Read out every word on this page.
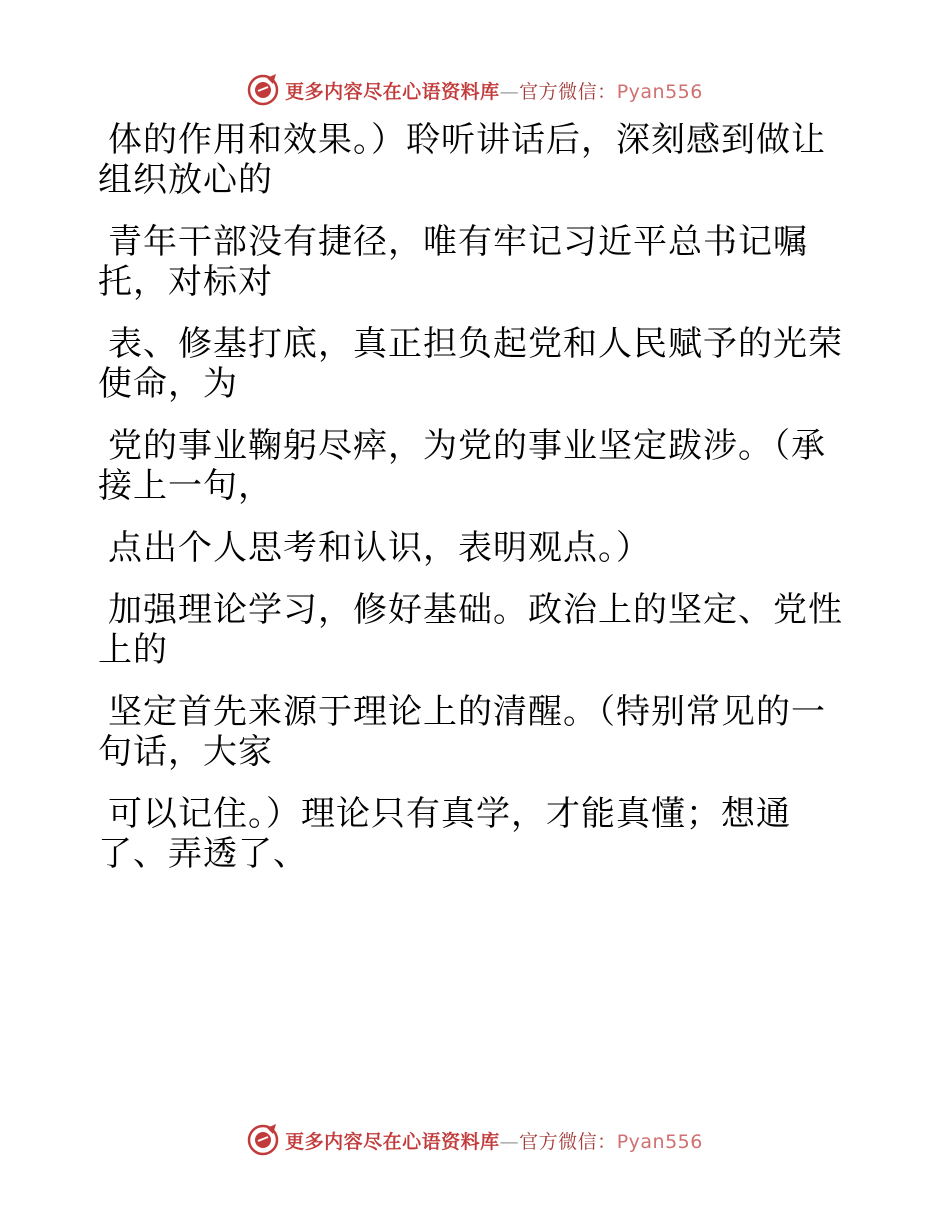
更多内容尽在心语资料库—官方微信：Pyan556
体的作用和效果。）聆听讲话后，深刻感到做让
组织放心的
青年干部没有捷径，唯有牢记习近平总书记嘱
托，对标对
表、修基打底，真正担负起党和人民赋予的光荣
使命，为
党的事业鞠躬尽瘁，为党的事业坚定跋涉。（承
接上一句，
点出个人思考和认识，表明观点。）
加强理论学习，修好基础。政治上的坚定、党性
上的
坚定首先来源于理论上的清醒。（特别常见的一
句话，大家
可以记住。）理论只有真学，才能真懂；想通
了、弄透了、
更多内容尽在心语资料库—官方微信：Pyan556
